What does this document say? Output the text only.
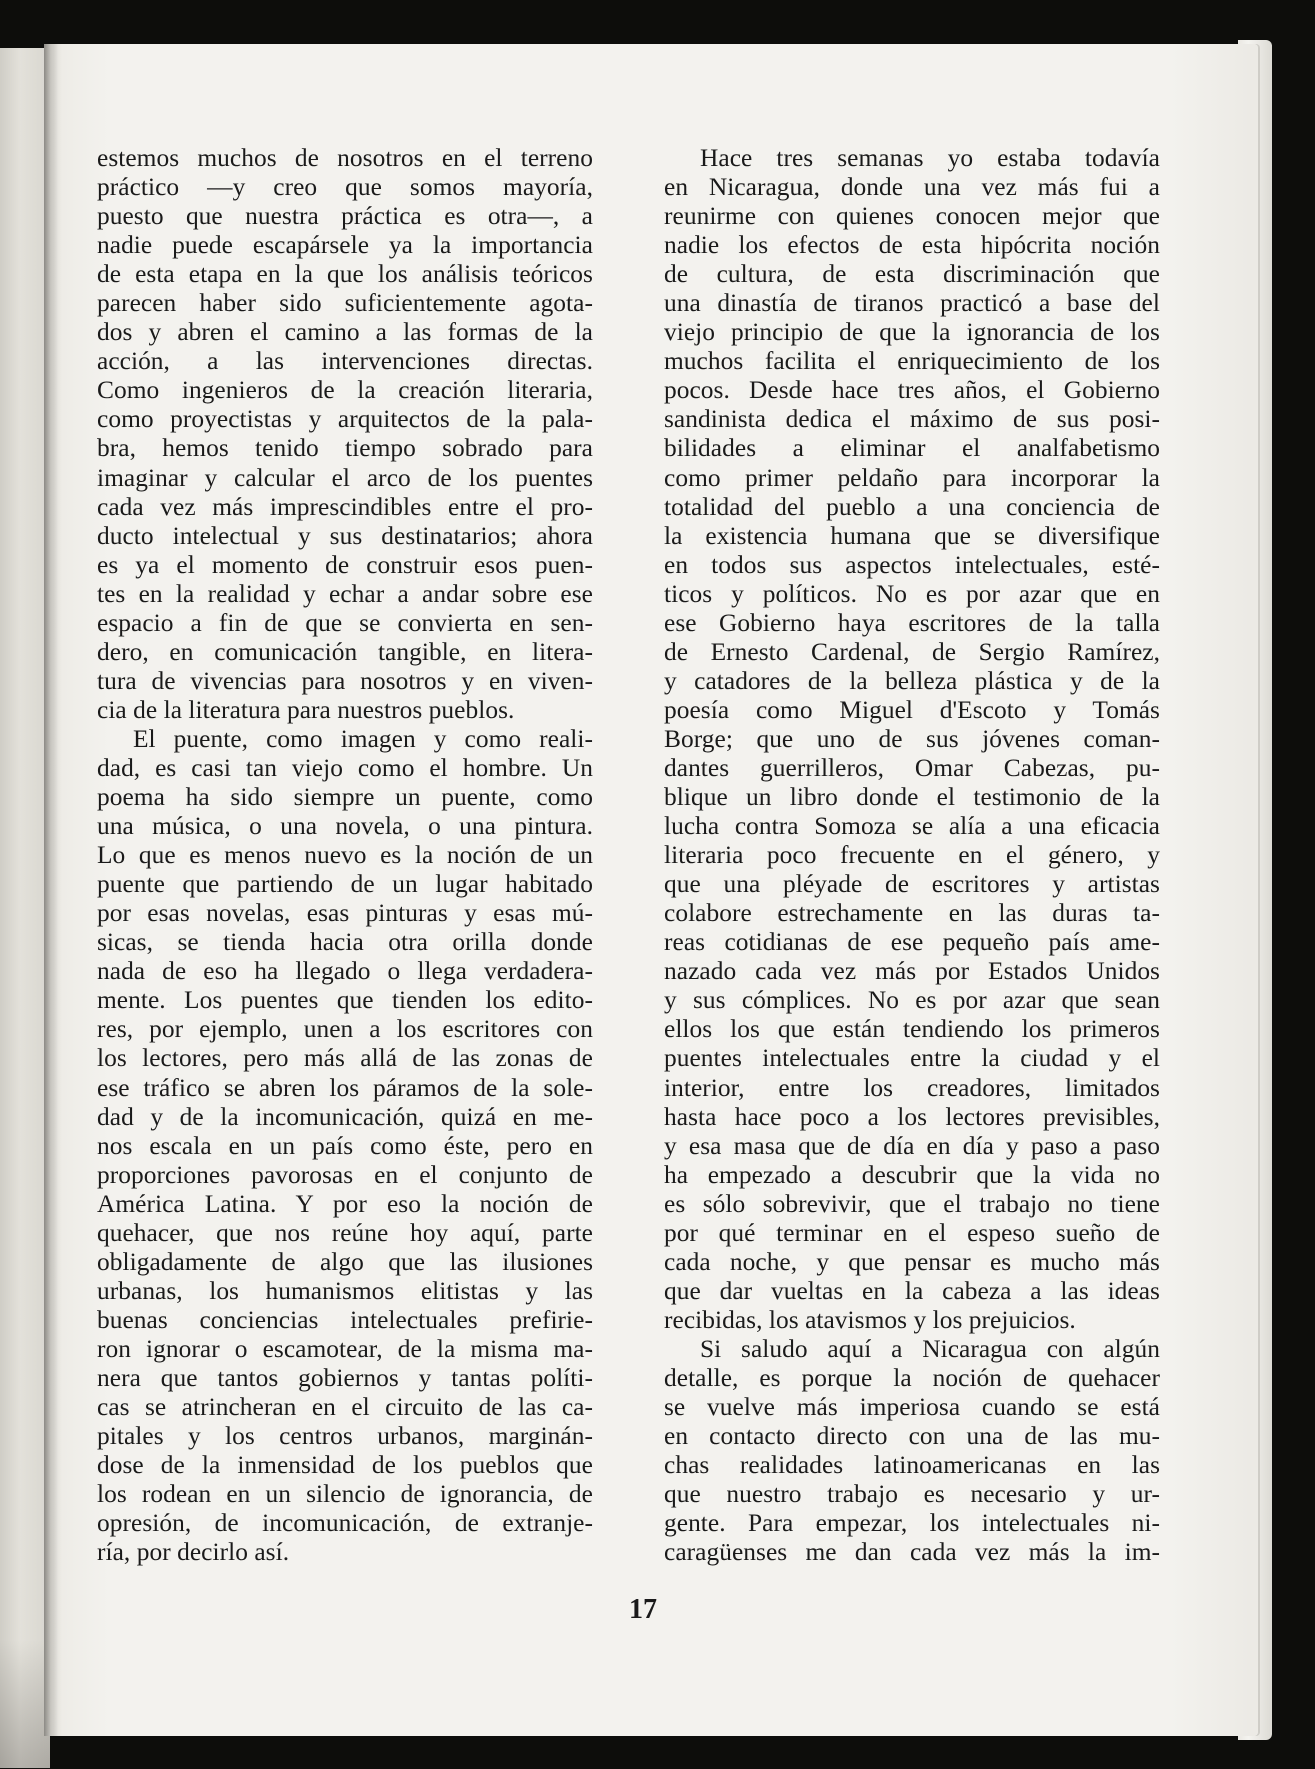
estemos muchos de nosotros en el terreno
práctico —y creo que somos mayoría,
puesto que nuestra práctica es otra—, a
nadie puede escapársele ya la importancia
de esta etapa en la que los análisis teóricos
parecen haber sido suficientemente agota-
dos y abren el camino a las formas de la
acción, a las intervenciones directas.
Como ingenieros de la creación literaria,
como proyectistas y arquitectos de la pala-
bra, hemos tenido tiempo sobrado para
imaginar y calcular el arco de los puentes
cada vez más imprescindibles entre el pro-
ducto intelectual y sus destinatarios; ahora
es ya el momento de construir esos puen-
tes en la realidad y echar a andar sobre ese
espacio a fin de que se convierta en sen-
dero, en comunicación tangible, en litera-
tura de vivencias para nosotros y en viven-
cia de la literatura para nuestros pueblos.
El puente, como imagen y como reali-
dad, es casi tan viejo como el hombre. Un
poema ha sido siempre un puente, como
una música, o una novela, o una pintura.
Lo que es menos nuevo es la noción de un
puente que partiendo de un lugar habitado
por esas novelas, esas pinturas y esas mú-
sicas, se tienda hacia otra orilla donde
nada de eso ha llegado o llega verdadera-
mente. Los puentes que tienden los edito-
res, por ejemplo, unen a los escritores con
los lectores, pero más allá de las zonas de
ese tráfico se abren los páramos de la sole-
dad y de la incomunicación, quizá en me-
nos escala en un país como éste, pero en
proporciones pavorosas en el conjunto de
América Latina. Y por eso la noción de
quehacer, que nos reúne hoy aquí, parte
obligadamente de algo que las ilusiones
urbanas, los humanismos elitistas y las
buenas conciencias intelectuales prefirie-
ron ignorar o escamotear, de la misma ma-
nera que tantos gobiernos y tantas políti-
cas se atrincheran en el circuito de las ca-
pitales y los centros urbanos, marginán-
dose de la inmensidad de los pueblos que
los rodean en un silencio de ignorancia, de
opresión, de incomunicación, de extranje-
ría, por decirlo así.
Hace tres semanas yo estaba todavía
en Nicaragua, donde una vez más fui a
reunirme con quienes conocen mejor que
nadie los efectos de esta hipócrita noción
de cultura, de esta discriminación que
una dinastía de tiranos practicó a base del
viejo principio de que la ignorancia de los
muchos facilita el enriquecimiento de los
pocos. Desde hace tres años, el Gobierno
sandinista dedica el máximo de sus posi-
bilidades a eliminar el analfabetismo
como primer peldaño para incorporar la
totalidad del pueblo a una conciencia de
la existencia humana que se diversifique
en todos sus aspectos intelectuales, esté-
ticos y políticos. No es por azar que en
ese Gobierno haya escritores de la talla
de Ernesto Cardenal, de Sergio Ramírez,
y catadores de la belleza plástica y de la
poesía como Miguel d'Escoto y Tomás
Borge; que uno de sus jóvenes coman-
dantes guerrilleros, Omar Cabezas, pu-
blique un libro donde el testimonio de la
lucha contra Somoza se alía a una eficacia
literaria poco frecuente en el género, y
que una pléyade de escritores y artistas
colabore estrechamente en las duras ta-
reas cotidianas de ese pequeño país ame-
nazado cada vez más por Estados Unidos
y sus cómplices. No es por azar que sean
ellos los que están tendiendo los primeros
puentes intelectuales entre la ciudad y el
interior, entre los creadores, limitados
hasta hace poco a los lectores previsibles,
y esa masa que de día en día y paso a paso
ha empezado a descubrir que la vida no
es sólo sobrevivir, que el trabajo no tiene
por qué terminar en el espeso sueño de
cada noche, y que pensar es mucho más
que dar vueltas en la cabeza a las ideas
recibidas, los atavismos y los prejuicios.
Si saludo aquí a Nicaragua con algún
detalle, es porque la noción de quehacer
se vuelve más imperiosa cuando se está
en contacto directo con una de las mu-
chas realidades latinoamericanas en las
que nuestro trabajo es necesario y ur-
gente. Para empezar, los intelectuales ni-
caragüenses me dan cada vez más la im-
17
